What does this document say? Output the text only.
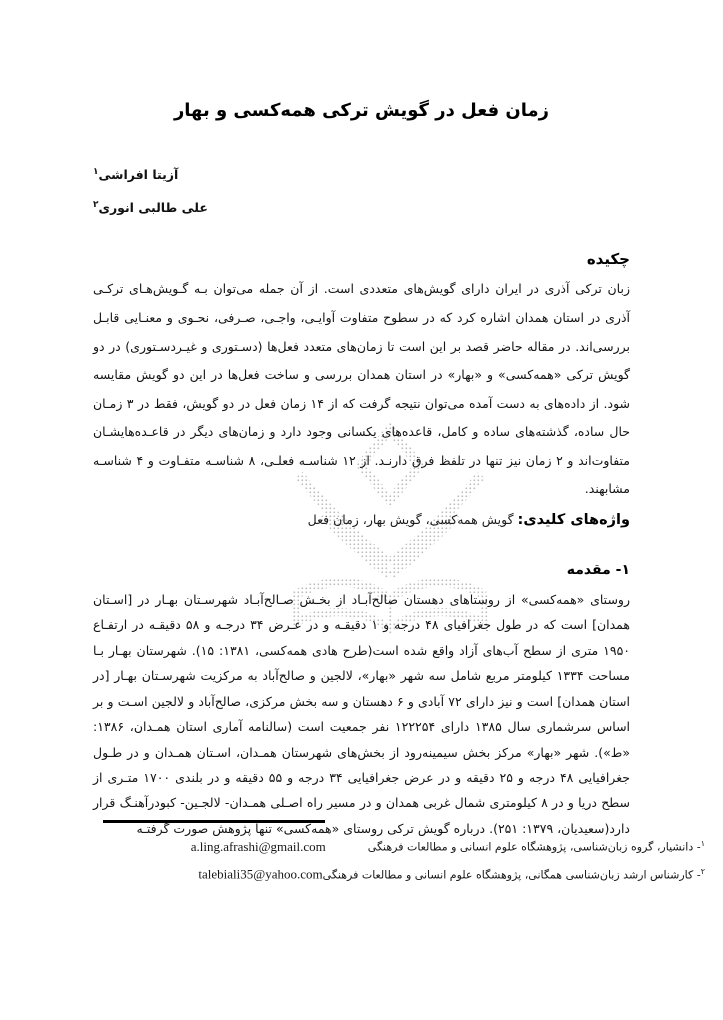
زمان فعل در گویش ترکی همه‌کسی و بهار
آزیتا افراشی$^۱$
علی طالبی انوری$^۲$
چکیده

زبان ترکی آذری در ایران دارای گویش‌های متعددی است. از آن جمله می‌توان بـه گـویش‌هـای ترکـی آذری در استان همدان اشاره کرد که در سطوح متفاوت آوایـی، واجـی، صـرفی، نحـوی و معنـایی قابـل بررسی‌اند. در مقاله حاضر قصد بر این است تا زمان‌های متعدد فعل‌ها (دسـتوری و غیـردسـتوری) در دو گویش ترکی «همه‌کسی» و «بهار» در استان همدان بررسی و ساخت فعل‌ها در این دو گویش مقایسه شود. از داده‌های به دست آمده می‌توان نتیجه گرفت که از ۱۴ زمان فعل در دو گویش، فقط در ۳ زمـان حال ساده، گذشته‌های ساده و کامل، قاعده‌های یکسانی وجود دارد و زمان‌های دیگر در قاعـده‌هایشـان متفاوت‌اند و ۲ زمان نیز تنها در تلفظ فرق دارنـد. از ۱۲ شناسـه فعلـی، ۸ شناسـه متفـاوت و ۴ شناسـه مشابهند.

واژه‌های کلیدی: گویش همه‌کسی، گویش بهار، زمان فعل

۱- مقدمه

روستای «همه‌کسی» از روستاهای دهستان صالح‌آبـاد از بخـش صـالح‌آبـاد شهرسـتان بهـار در [اسـتان همدان] است که در طول جغرافیای ۴۸ درجه و ۱ دقیقـه و در عـرض ۳۴ درجـه و ۵۸ دقیقـه در ارتفـاع ۱۹۵۰ متری از سطح آب‌های آزاد واقع شده است(طرح هادی همه‌کسی، ۱۳۸۱: ۱۵). شهرستان بهـار بـا مساحت ۱۳۳۴ کیلومتر مربع شامل سه شهر «بهار»، لالجین و صالح‌آباد به مرکزیت شهرسـتان بهـار [در استان همدان] است و نیز دارای ۷۲ آبادی و ۶ دهستان و سه بخش مرکزی، صالح‌آباد و لالجین اسـت و بر اساس سرشماری سال ۱۳۸۵ دارای ۱۲۲۲۵۴ نفر جمعیت است (سالنامه آماری استان همـدان، ۱۳۸۶: «ط»). شهر «بهار» مرکز بخش سیمینه‌رود از بخش‌های شهرستان همـدان، اسـتان همـدان و در طـول جغرافیایی ۴۸ درجه و ۲۵ دقیقه و در عرض جغرافیایی ۳۴ درجه و ۵۵ دقیقه و در بلندی ۱۷۰۰ متـری از سطح دریا و در ۸ کیلومتری شمال غربی همدان و در مسیر راه اصـلی همـدان- لالجـین- کبودرآهنـگ قرار دارد(سعیدیان، ۱۳۷۹: ۲۵۱). درباره گویش ترکی روستای «همه‌کسی» تنها پژوهش صورت گرفتـه

$^۱$- دانشیار، گروه زبان‌شناسی، پژوهشگاه علوم انسانی و مطالعات فرهنگیa.ling.afrashi@gmail.com
$^۲$- کارشناس ارشد زبان‌شناسی همگانی، پژوهشگاه علوم انسانی و مطالعات فرهنگیtalebiali35@yahoo.com
